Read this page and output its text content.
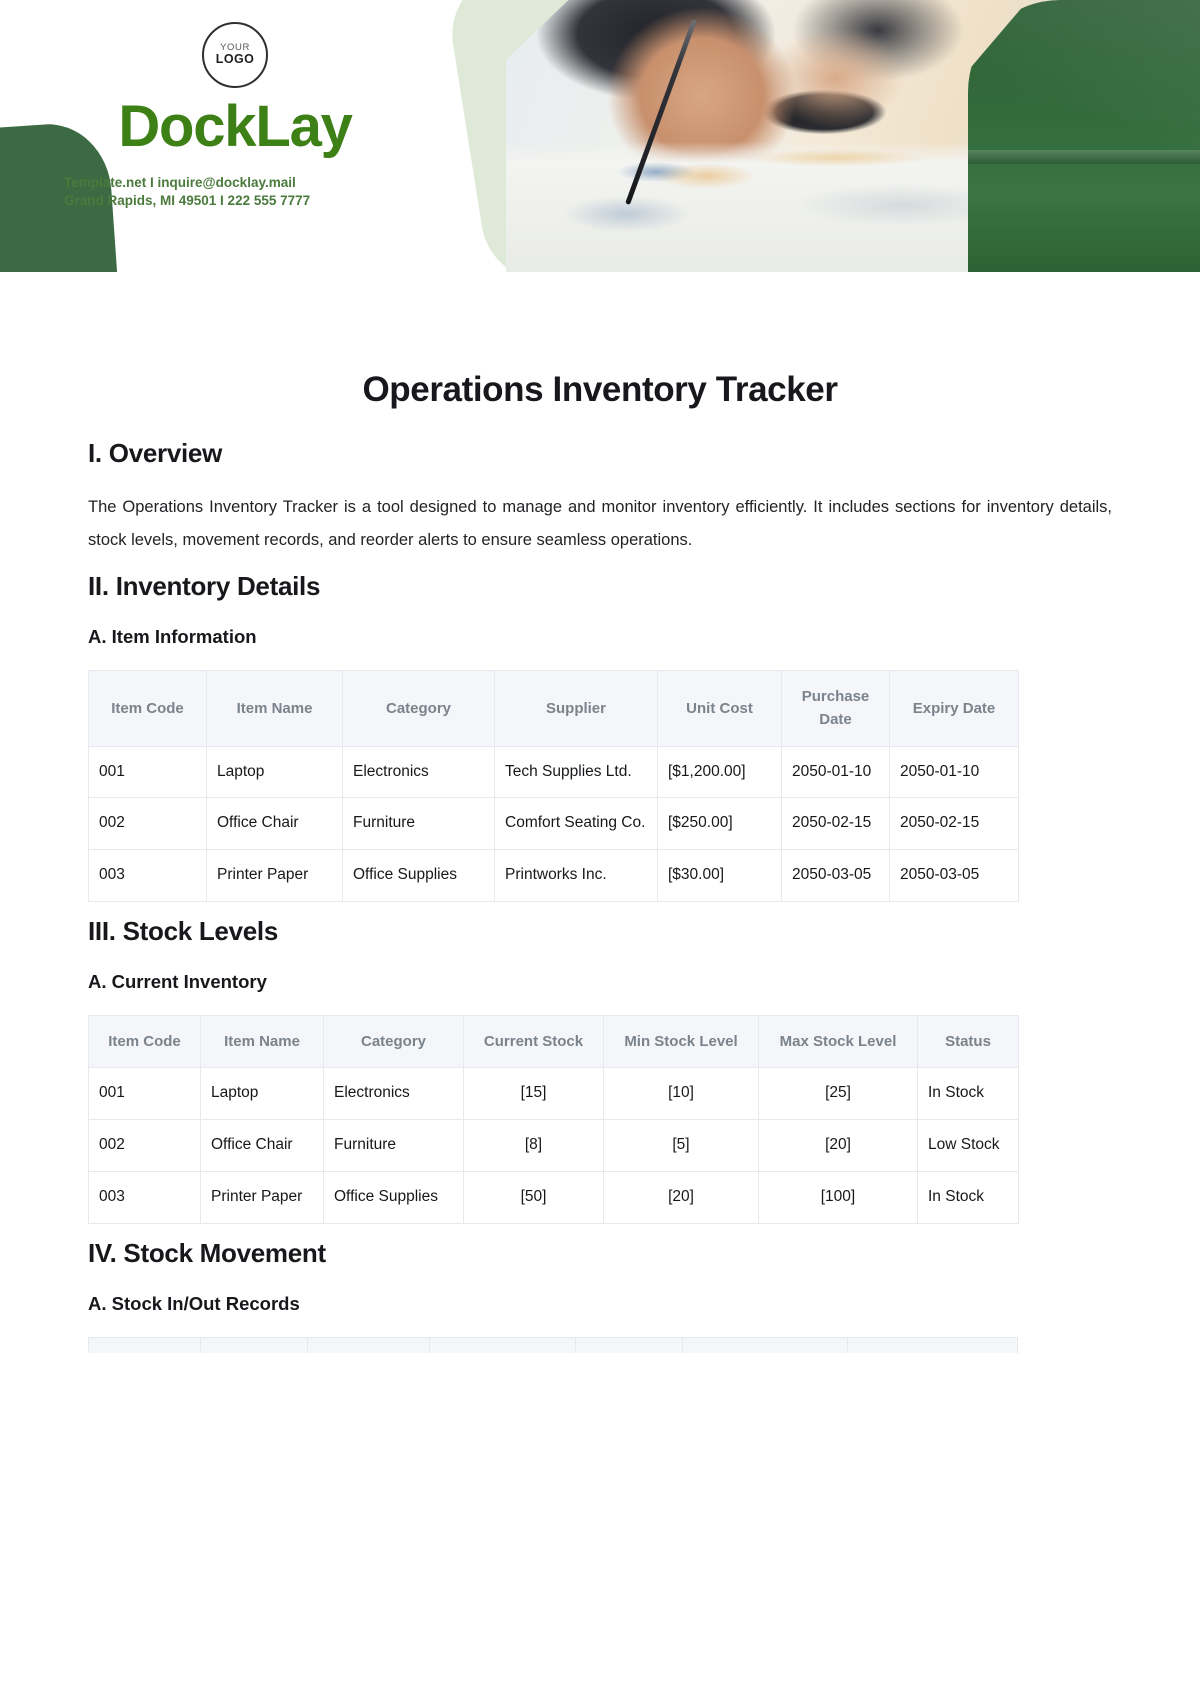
YOUR
LOGO
DockLay
Template.net I inquire@docklay.mail
Grand Rapids, MI 49501 I 222 555 7777
Operations Inventory Tracker
I. Overview

The Operations Inventory Tracker is a tool designed to manage and monitor inventory efficiently. It includes sections for inventory details, stock levels, movement records, and reorder alerts to ensure seamless operations.

II. Inventory Details
A. Item Information
Item Code	Item Name	Category	Supplier	Unit Cost	Purchase Date	Expiry Date
001	Laptop	Electronics	Tech Supplies Ltd.	[$1,200.00]	2050-01-10	2050-01-10
002	Office Chair	Furniture	Comfort Seating Co.	[$250.00]	2050-02-15	2050-02-15
003	Printer Paper	Office Supplies	Printworks Inc.	[$30.00]	2050-03-05	2050-03-05
III. Stock Levels
A. Current Inventory
Item Code	Item Name	Category	Current Stock	Min Stock Level	Max Stock Level	Status
001	Laptop	Electronics	[15]	[10]	[25]	In Stock
002	Office Chair	Furniture	[8]	[5]	[20]	Low Stock
003	Printer Paper	Office Supplies	[50]	[20]	[100]	In Stock
IV. Stock Movement
A. Stock In/Out Records
